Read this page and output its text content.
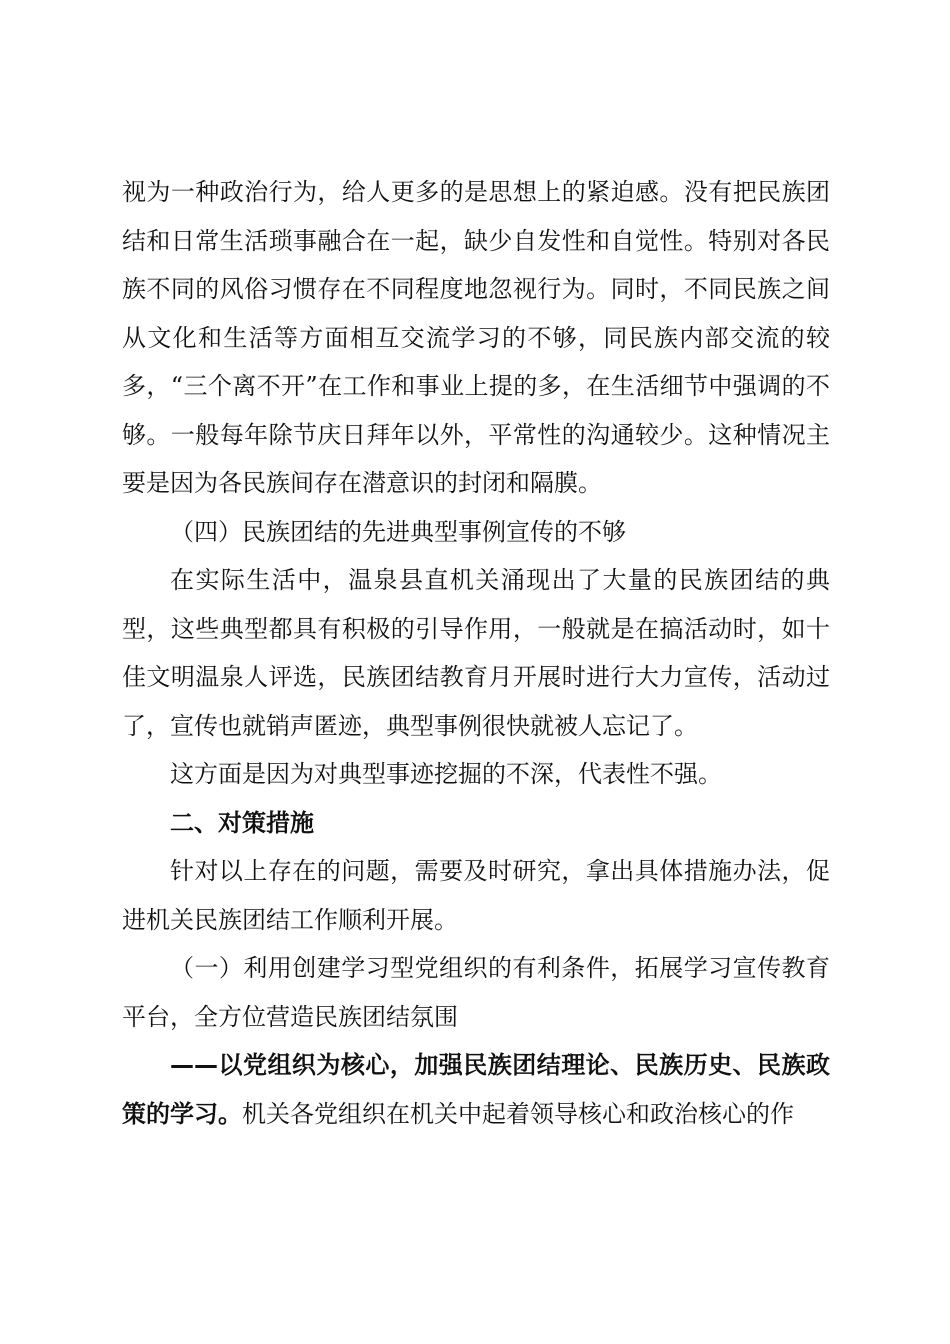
视为一种政治行为，给人更多的是思想上的紧迫感。没有把民族团结和日常生活琐事融合在一起，缺少自发性和自觉性。特别对各民族不同的风俗习惯存在不同程度地忽视行为。同时，不同民族之间从文化和生活等方面相互交流学习的不够，同民族内部交流的较多，“三个离不开”在工作和事业上提的多，在生活细节中强调的不够。一般每年除节庆日拜年以外，平常性的沟通较少。这种情况主要是因为各民族间存在潜意识的封闭和隔膜。

（四）民族团结的先进典型事例宣传的不够

在实际生活中，温泉县直机关涌现出了大量的民族团结的典型，这些典型都具有积极的引导作用，一般就是在搞活动时，如十佳文明温泉人评选，民族团结教育月开展时进行大力宣传，活动过了，宣传也就销声匿迹，典型事例很快就被人忘记了。

这方面是因为对典型事迹挖掘的不深，代表性不强。

二、对策措施

针对以上存在的问题，需要及时研究，拿出具体措施办法，促进机关民族团结工作顺利开展。

（一）利用创建学习型党组织的有利条件，拓展学习宣传教育平台，全方位营造民族团结氛围

——以党组织为核心，加强民族团结理论、民族历史、民族政策的学习。机关各党组织在机关中起着领导核心和政治核心的作
